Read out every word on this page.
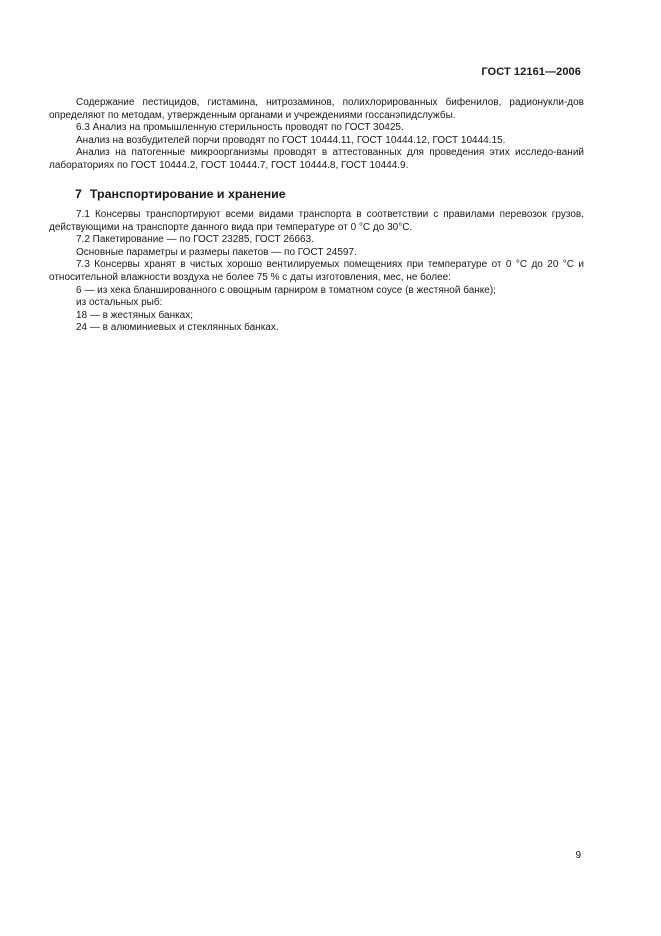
ГОСТ 12161—2006

Содержание пестицидов, гистамина, нитрозаминов, полихлорированных бифенилов, радионукли-дов определяют по методам, утвержденным органами и учреждениями госсанэпидслужбы.

6.3 Анализ на промышленную стерильность проводят по ГОСТ 30425.

Анализ на возбудителей порчи проводят по ГОСТ 10444.11, ГОСТ 10444.12, ГОСТ 10444.15.

Анализ на патогенные микроорганизмы проводят в аттестованных для проведения этих исследо-ваний лабораториях по ГОСТ 10444.2, ГОСТ 10444.7, ГОСТ 10444.8, ГОСТ 10444.9.

7 Транспортирование и хранение

7.1 Консервы транспортируют всеми видами транспорта в соответствии с правилами перевозок грузов, действующими на транспорте данного вида при температуре от 0 °С до 30°С.

7.2 Пакетирование — по ГОСТ 23285, ГОСТ 26663.

Основные параметры и размеры пакетов — по ГОСТ 24597.

7.3 Консервы хранят в чистых хорошо вентилируемых помещениях при температуре от 0 °С до 20 °С и относительной влажности воздуха не более 75 % с даты изготовления, мес, не более:

6 — из хека бланшированного с овощным гарниром в томатном соусе (в жестяной банке);

из остальных рыб:

18 — в жестяных банках;

24 — в алюминиевых и стеклянных банках.

9
